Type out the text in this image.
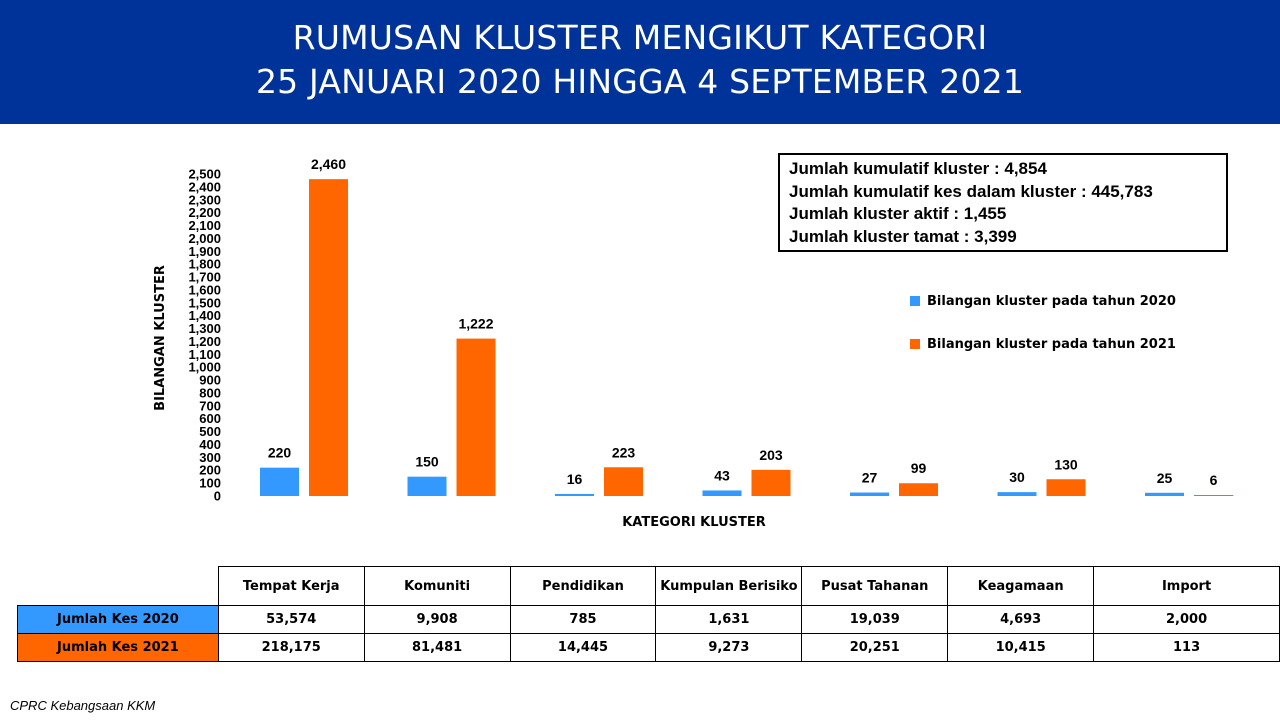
RUMUSAN KLUSTER MENGIKUT KATEGORI
25 JANUARI 2020 HINGGA 4 SEPTEMBER 2021
0
100
200
300
400
500
600
700
800
900
1,000
1,100
1,200
1,300
1,400
1,500
1,600
1,700
1,800
1,900
2,000
2,100
2,200
2,300
2,400
2,500
BILANGAN KLUSTER
KATEGORI KLUSTER
220
2,460
150
1,222
16
223
43
203
27
99
30
130
25	6
Jumlah kumulatif kluster : 4,854
Jumlah kumulatif kes dalam kluster : 445,783
Jumlah kluster aktif : 1,455
Jumlah kluster tamat : 3,399
Bilangan kluster pada tahun 2020
Bilangan kluster pada tahun 2021
	Tempat Kerja	Komuniti	Pendidikan	Kumpulan Berisiko	Pusat Tahanan	Keagamaan	Import
Jumlah Kes 2020	53,574	9,908	785	1,631	19,039	4,693	2,000
Jumlah Kes 2021	218,175	81,481	14,445	9,273	20,251	10,415	113
CPRC Kebangsaan KKM
